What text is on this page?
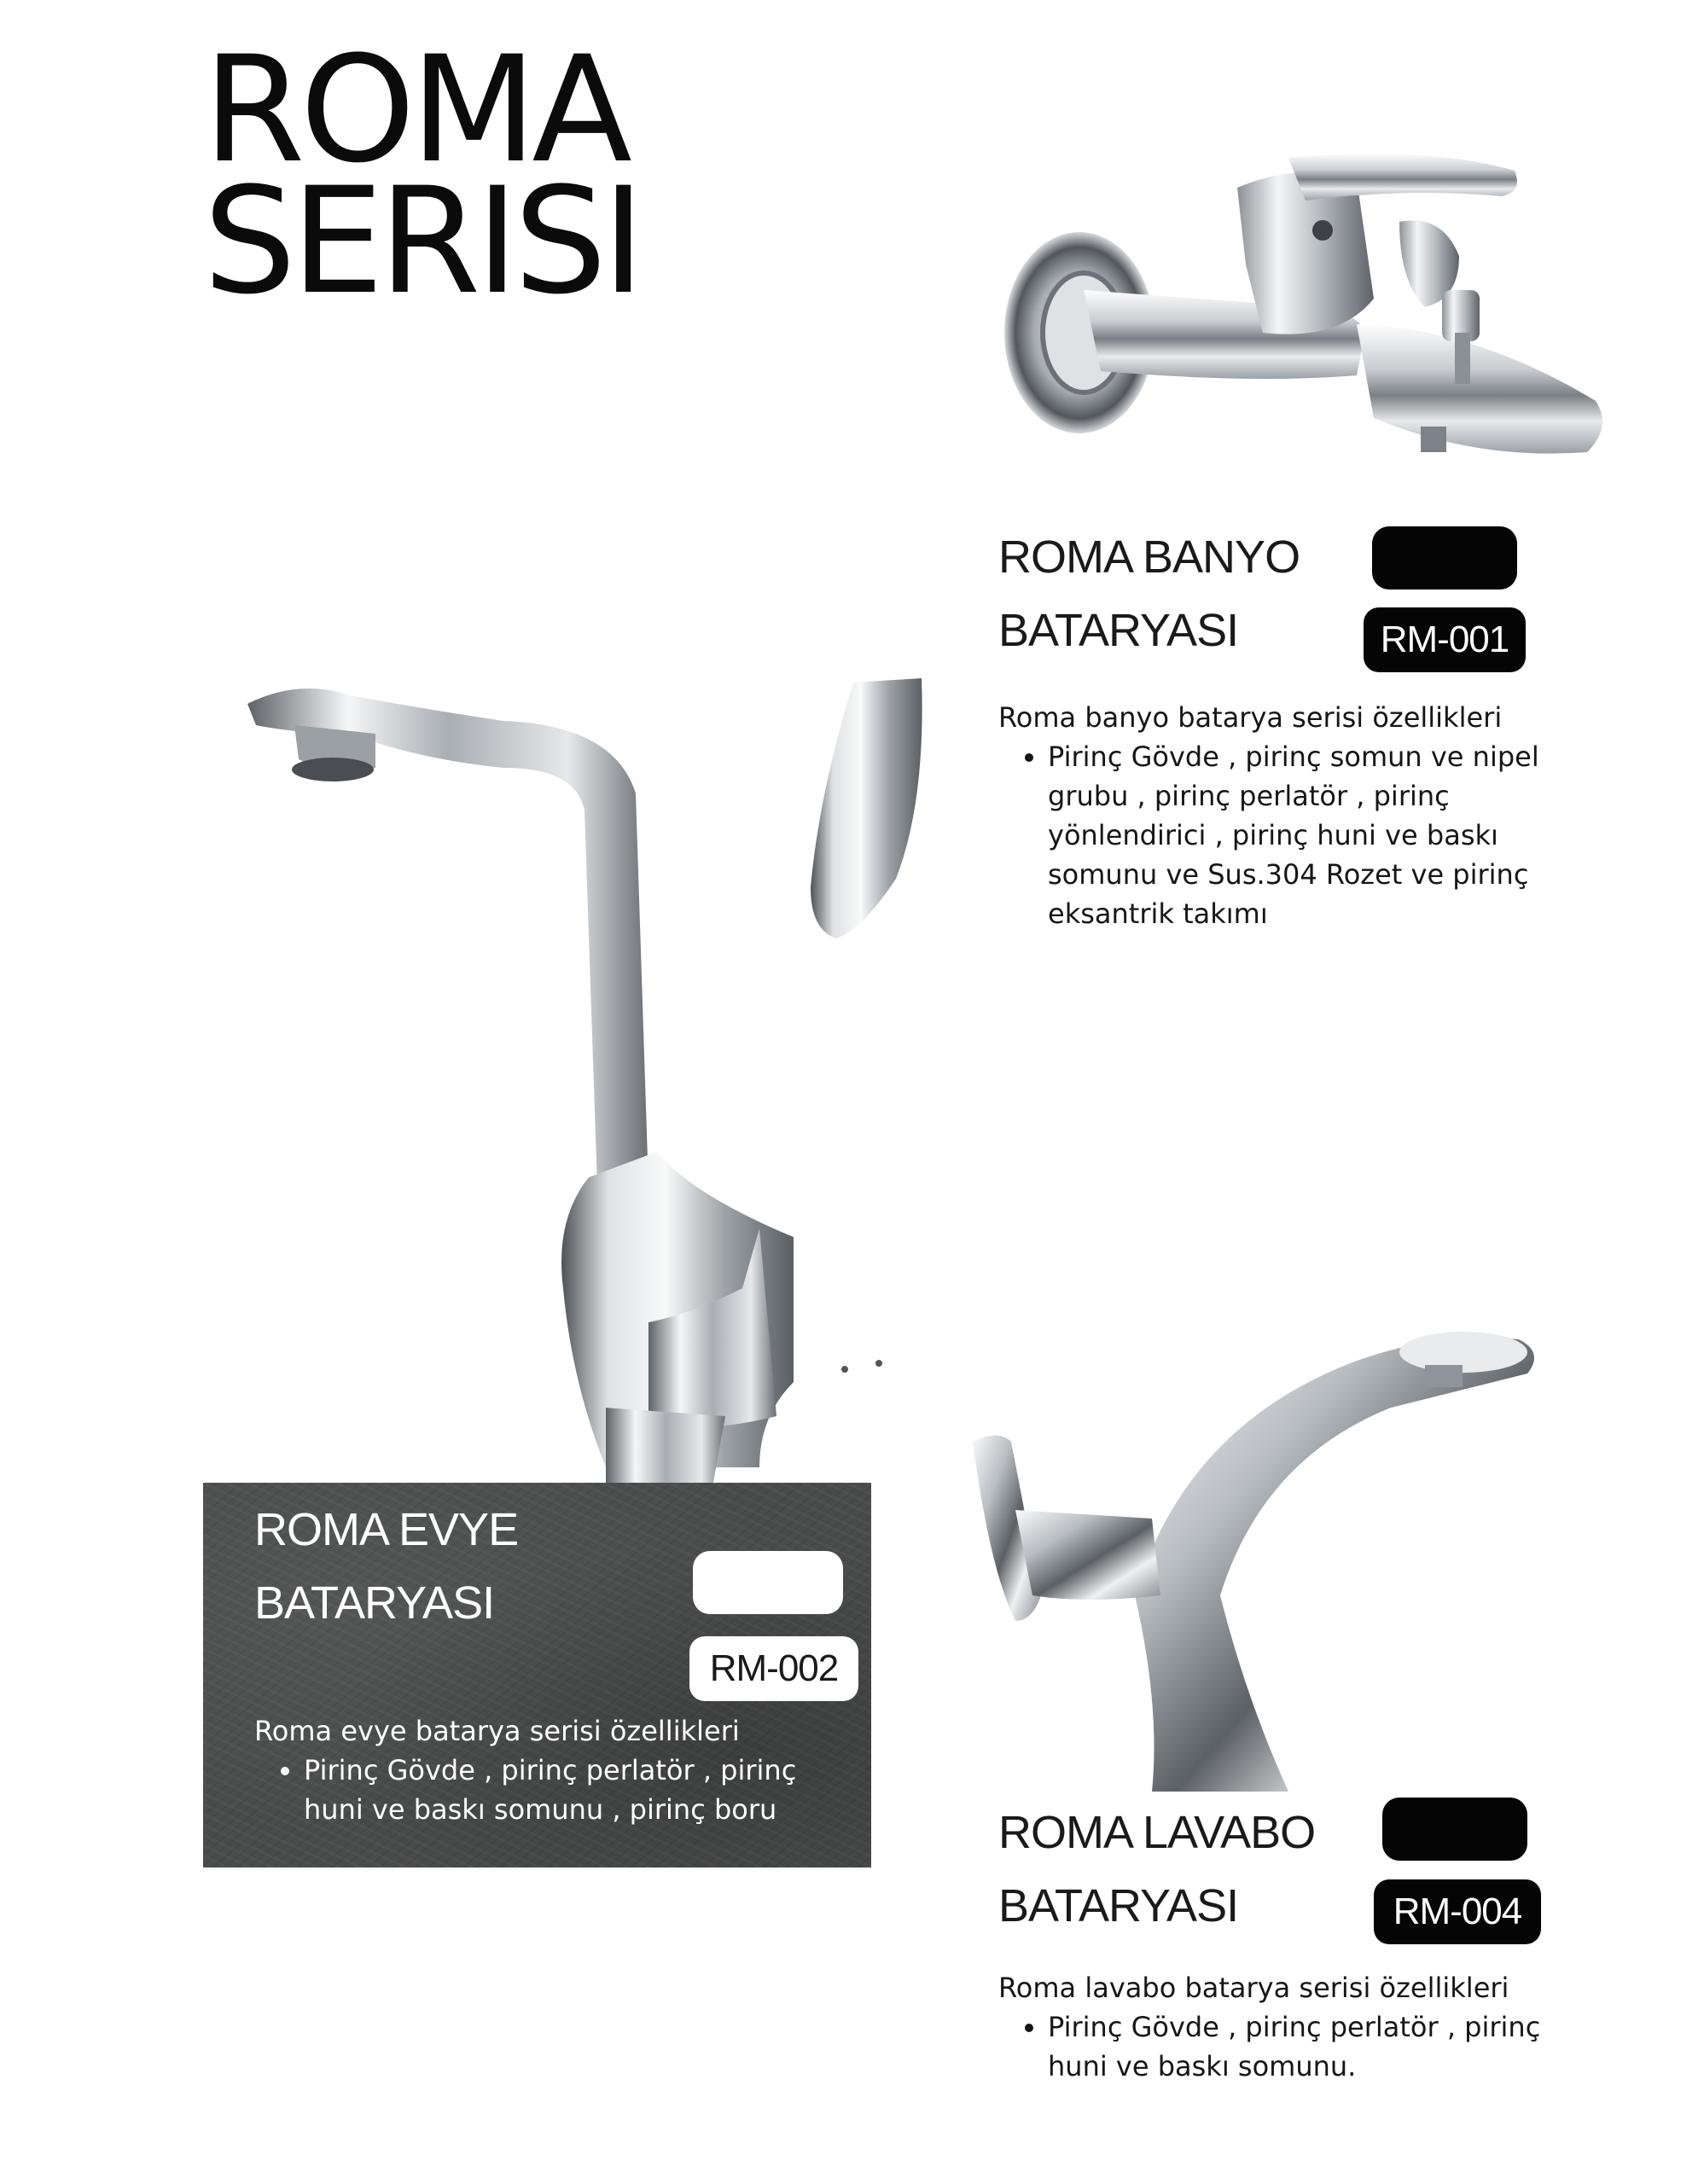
ROMA
SERISI
ROMA BANYO
BATARYASI	RM-001
Roma banyo batarya serisi özellikleri
• Pirinç Gövde , pirinç somun ve nipel grubu , pirinç perlatör , pirinç yönlendirici , pirinç huni ve baskı somunu ve Sus.304 Rozet ve pirinç eksantrik takımı
ROMA EVYE
BATARYASI
RM-002
Roma evye batarya serisi özellikleri
• Pirinç Gövde , pirinç perlatör , pirinç huni ve baskı somunu , pirinç boru	ROMA LAVABO
BATARYASI	RM-004
Roma lavabo batarya serisi özellikleri
• Pirinç Gövde , pirinç perlatör , pirinç huni ve baskı somunu.
